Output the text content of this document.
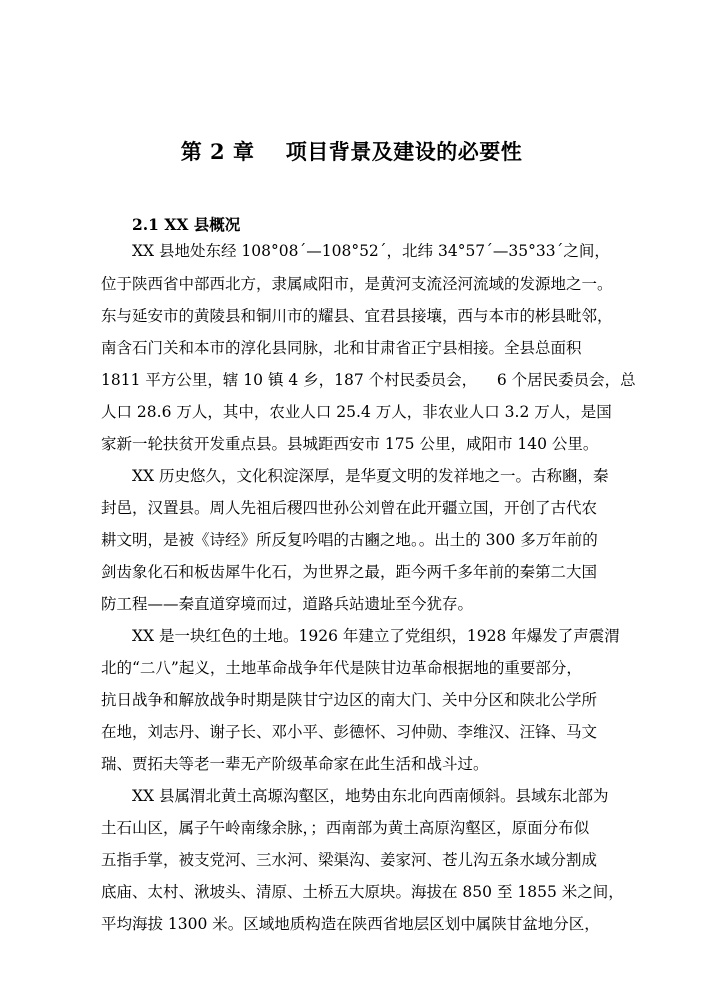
第 2 章    项目背景及建设的必要性
2.1 XX 县概况

XX 县地处东经 108°08´—108°52´，北纬 34°57´—35°33´之间，

位于陕西省中部西北方，隶属咸阳市，是黄河支流泾河流域的发源地之一。

东与延安市的黄陵县和铜川市的耀县、宜君县接壤，西与本市的彬县毗邻，

南含石门关和本市的淳化县同脉，北和甘肃省正宁县相接。全县总面积

1811 平方公里，辖 10 镇 4 乡，187 个村民委员会，    6 个居民委员会，总

人口 28.6 万人，其中，农业人口 25.4 万人，非农业人口 3.2 万人，是国

家新一轮扶贫开发重点县。县城距西安市 175 公里，咸阳市 140 公里。

XX 历史悠久，文化积淀深厚，是华夏文明的发祥地之一。古称豳，秦

封邑，汉置县。周人先祖后稷四世孙公刘曾在此开疆立国，开创了古代农

耕文明，是被《诗经》所反复吟唱的古豳之地。。出土的 300 多万年前的

剑齿象化石和板齿犀牛化石，为世界之最，距今两千多年前的秦第二大国

防工程——秦直道穿境而过，道路兵站遗址至今犹存。

XX 是一块红色的土地。1926 年建立了党组织，1928 年爆发了声震渭

北的“二八”起义，土地革命战争年代是陕甘边革命根据地的重要部分，

抗日战争和解放战争时期是陕甘宁边区的南大门、关中分区和陕北公学所

在地，刘志丹、谢子长、邓小平、彭德怀、习仲勋、李维汉、汪锋、马文

瑞、贾拓夫等老一辈无产阶级革命家在此生活和战斗过。

XX 县属渭北黄土高塬沟壑区，地势由东北向西南倾斜。县域东北部为

土石山区，属子午岭南缘余脉，；西南部为黄土高原沟壑区，原面分布似

五指手掌，被支党河、三水河、梁渠沟、姜家河、苍儿沟五条水域分割成

底庙、太村、湫坡头、清原、土桥五大原块。海拔在 850 至 1855 米之间，

平均海拔 1300 米。区域地质构造在陕西省地层区划中属陕甘盆地分区，
